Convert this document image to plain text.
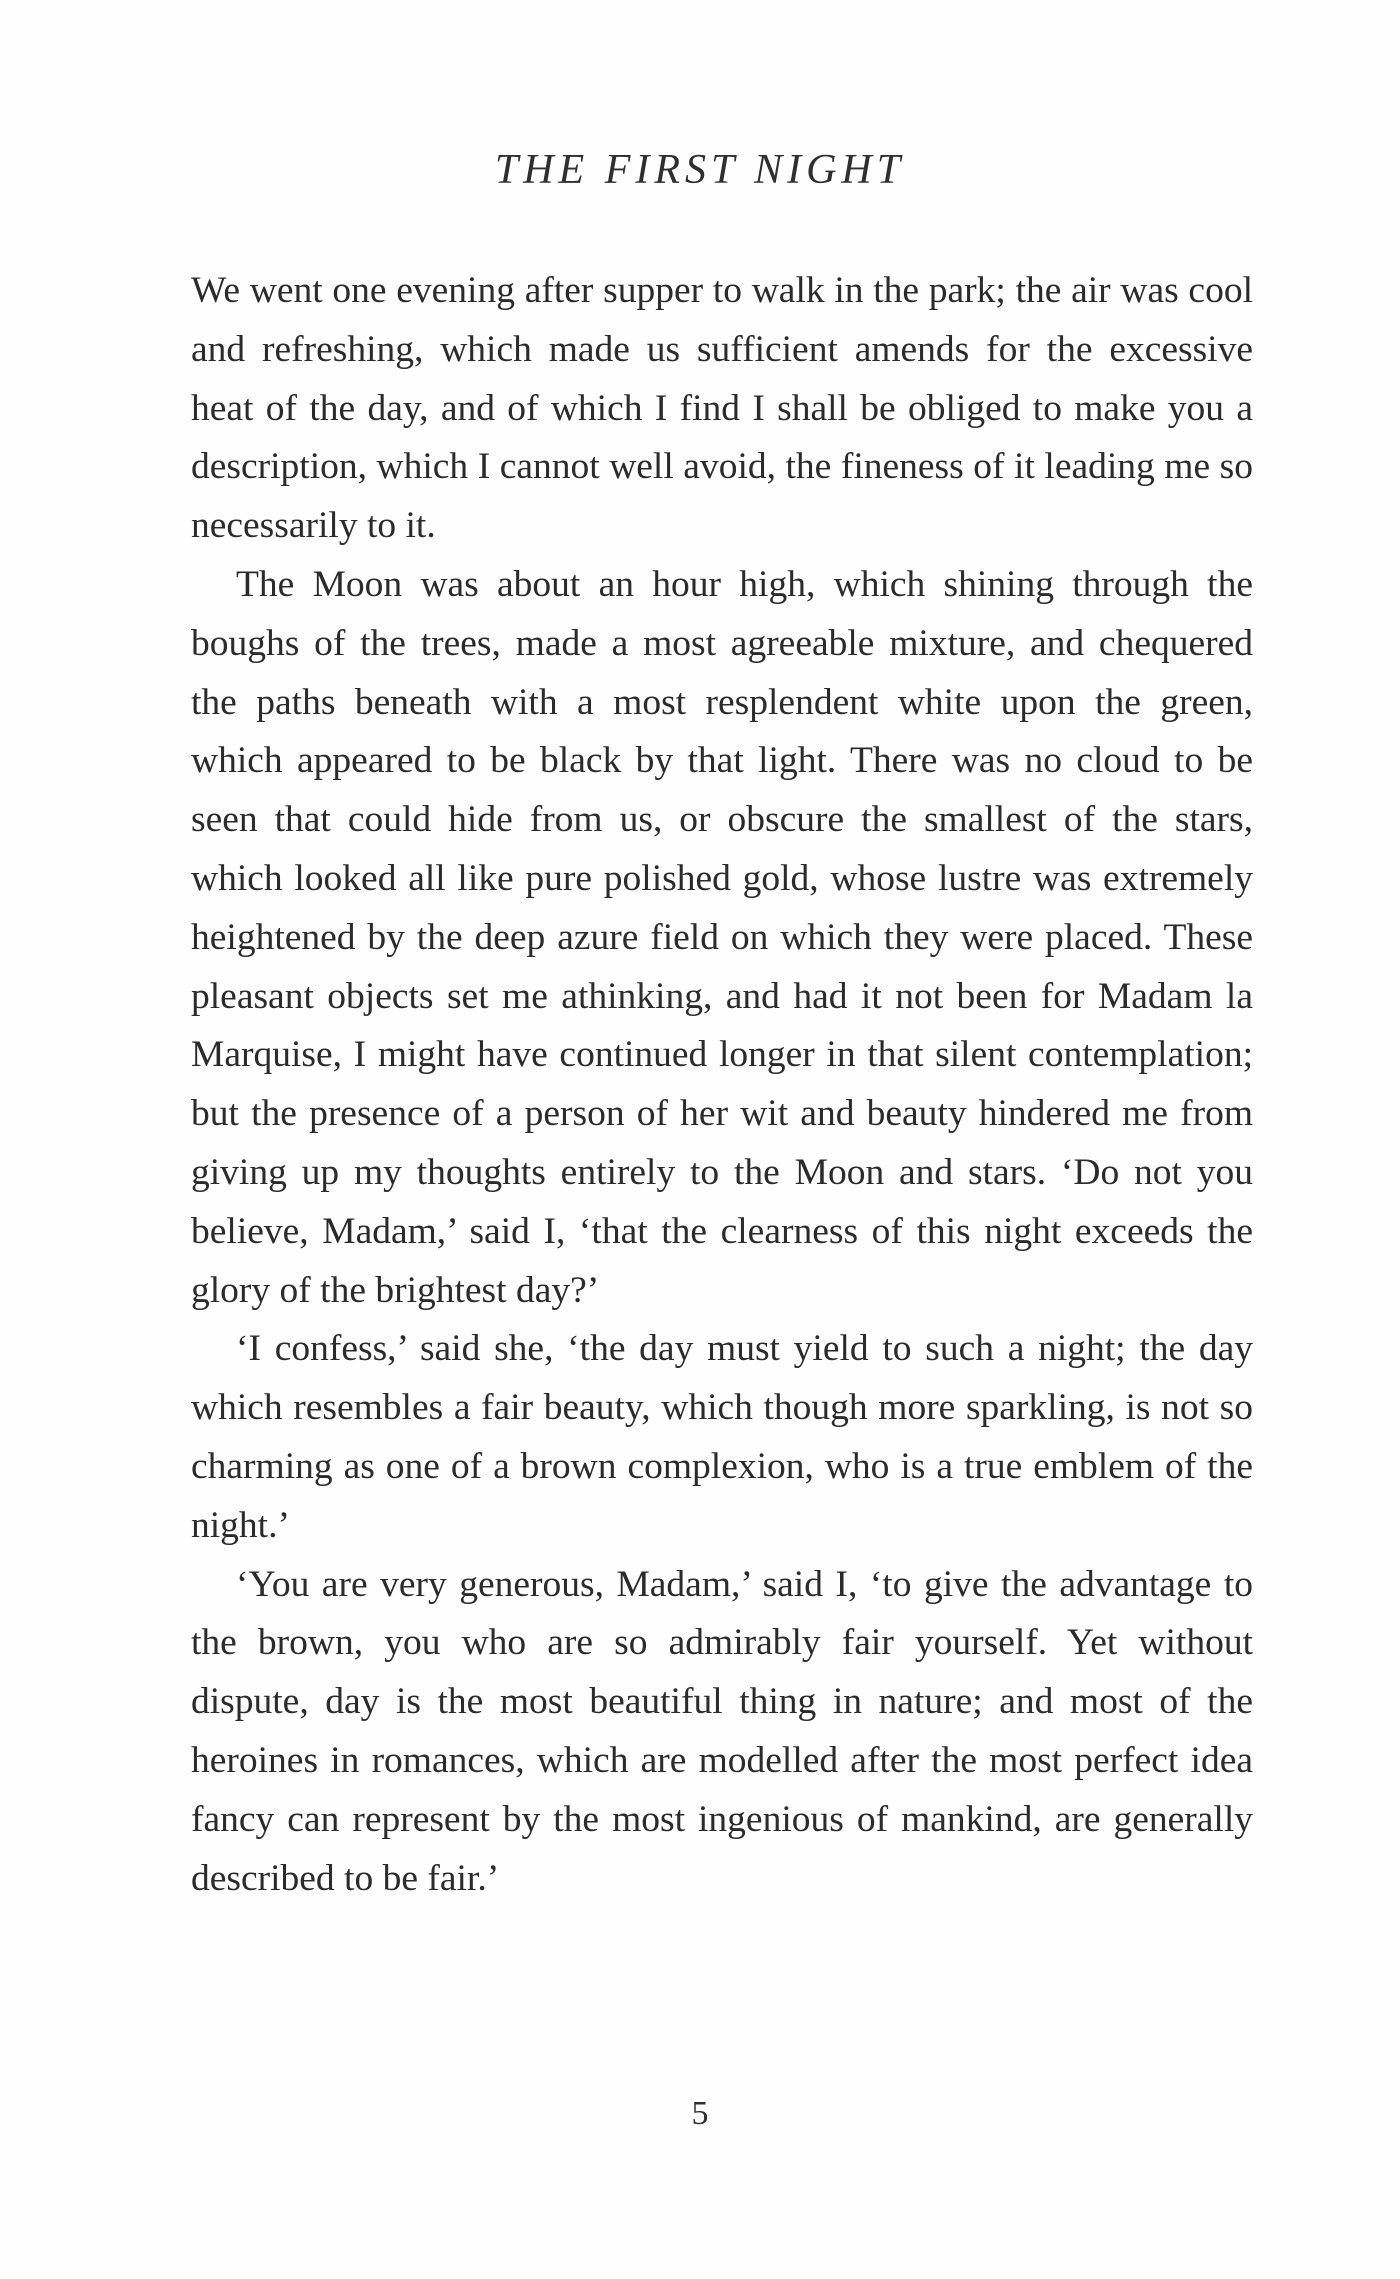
THE FIRST NIGHT

We went one evening after supper to walk in the park; the air was cool and refreshing, which made us sufficient amends for the excessive heat of the day, and of which I find I shall be obliged to make you a description, which I cannot well avoid, the fineness of it leading me so necessarily to it.

The Moon was about an hour high, which shining through the boughs of the trees, made a most agreeable mixture, and chequered the paths beneath with a most resplendent white upon the green, which appeared to be black by that light. There was no cloud to be seen that could hide from us, or obscure the smallest of the stars, which looked all like pure polished gold, whose lustre was extremely heightened by the deep azure field on which they were placed. These pleasant objects set me athinking, and had it not been for Madam la Marquise, I might have continued longer in that silent contemplation; but the presence of a person of her wit and beauty hindered me from giving up my thoughts entirely to the Moon and stars. ‘Do not you believe, Madam,’ said I, ‘that the clearness of this night exceeds the glory of the brightest day?’

‘I confess,’ said she, ‘the day must yield to such a night; the day which resembles a fair beauty, which though more sparkling, is not so charming as one of a brown complexion, who is a true emblem of the night.’

‘You are very generous, Madam,’ said I, ‘to give the advantage to the brown, you who are so admirably fair yourself. Yet without dispute, day is the most beautiful thing in nature; and most of the heroines in romances, which are modelled after the most perfect idea fancy can represent by the most ingenious of mankind, are generally described to be fair.’

5
